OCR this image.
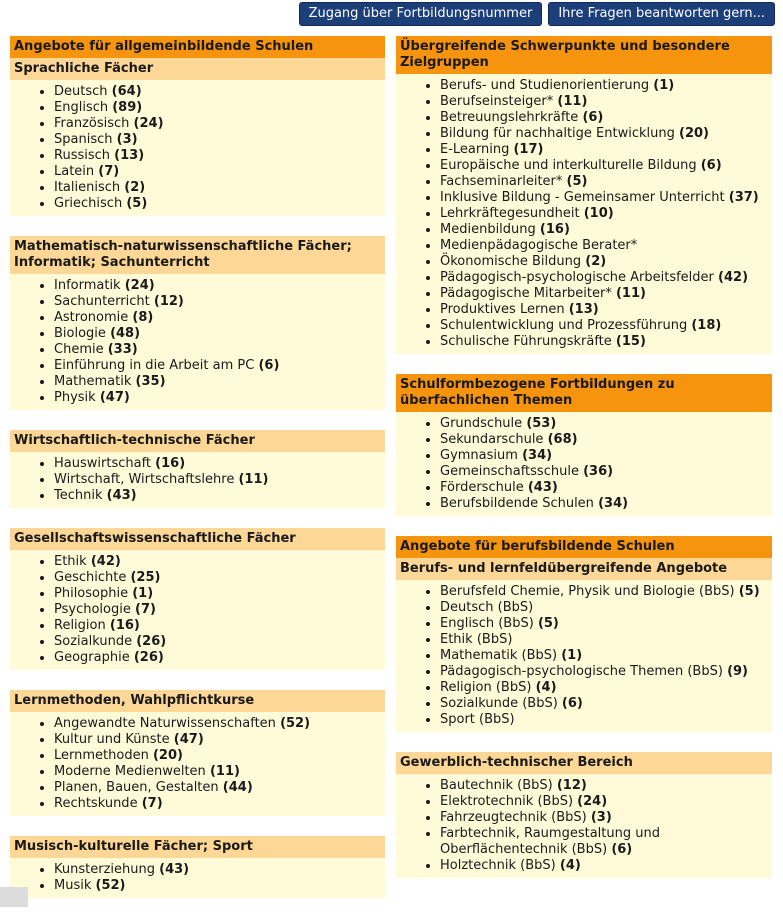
Zugang über Fortbildungsnummer	Ihre Fragen beantworten gern...
Angebote für allgemeinbildende Schulen
Sprachliche Fächer
• Deutsch (64)
• Englisch (89)
• Französisch (24)
• Spanisch (3)
• Russisch (13)
• Latein (7)
• Italienisch (2)
• Griechisch (5)
Mathematisch-naturwissenschaftliche Fächer; Informatik; Sachunterricht
• Informatik (24)
• Sachunterricht (12)
• Astronomie (8)
• Biologie (48)
• Chemie (33)
• Einführung in die Arbeit am PC (6)
• Mathematik (35)
• Physik (47)
Wirtschaftlich-technische Fächer
• Hauswirtschaft (16)
• Wirtschaft, Wirtschaftslehre (11)
• Technik (43)
Gesellschaftswissenschaftliche Fächer
• Ethik (42)
• Geschichte (25)
• Philosophie (1)
• Psychologie (7)
• Religion (16)
• Sozialkunde (26)
• Geographie (26)
Lernmethoden, Wahlpflichtkurse
• Angewandte Naturwissenschaften (52)
• Kultur und Künste (47)
• Lernmethoden (20)
• Moderne Medienwelten (11)
• Planen, Bauen, Gestalten (44)
• Rechtskunde (7)
Musisch-kulturelle Fächer; Sport
• Kunsterziehung (43)
• Musik (52)
Übergreifende Schwerpunkte und besondere Zielgruppen
• Berufs- und Studienorientierung (1)
• Berufseinsteiger* (11)
• Betreuungslehrkräfte (6)
• Bildung für nachhaltige Entwicklung (20)
• E-Learning (17)
• Europäische und interkulturelle Bildung (6)
• Fachseminarleiter* (5)
• Inklusive Bildung - Gemeinsamer Unterricht (37)
• Lehrkräftegesundheit (10)
• Medienbildung (16)
• Medienpädagogische Berater*
• Ökonomische Bildung (2)
• Pädagogisch-psychologische Arbeitsfelder (42)
• Pädagogische Mitarbeiter* (11)
• Produktives Lernen (13)
• Schulentwicklung und Prozessführung (18)
• Schulische Führungskräfte (15)
Schulformbezogene Fortbildungen zu überfachlichen Themen
• Grundschule (53)
• Sekundarschule (68)
• Gymnasium (34)
• Gemeinschaftsschule (36)
• Förderschule (43)
• Berufsbildende Schulen (34)
Angebote für berufsbildende Schulen
Berufs- und lernfeldübergreifende Angebote
• Berufsfeld Chemie, Physik und Biologie (BbS) (5)
• Deutsch (BbS)
• Englisch (BbS) (5)
• Ethik (BbS)
• Mathematik (BbS) (1)
• Pädagogisch-psychologische Themen (BbS) (9)
• Religion (BbS) (4)
• Sozialkunde (BbS) (6)
• Sport (BbS)
Gewerblich-technischer Bereich
• Bautechnik (BbS) (12)
• Elektrotechnik (BbS) (24)
• Fahrzeugtechnik (BbS) (3)
• Farbtechnik, Raumgestaltung und Oberflächentechnik (BbS) (6)
• Holztechnik (BbS) (4)
